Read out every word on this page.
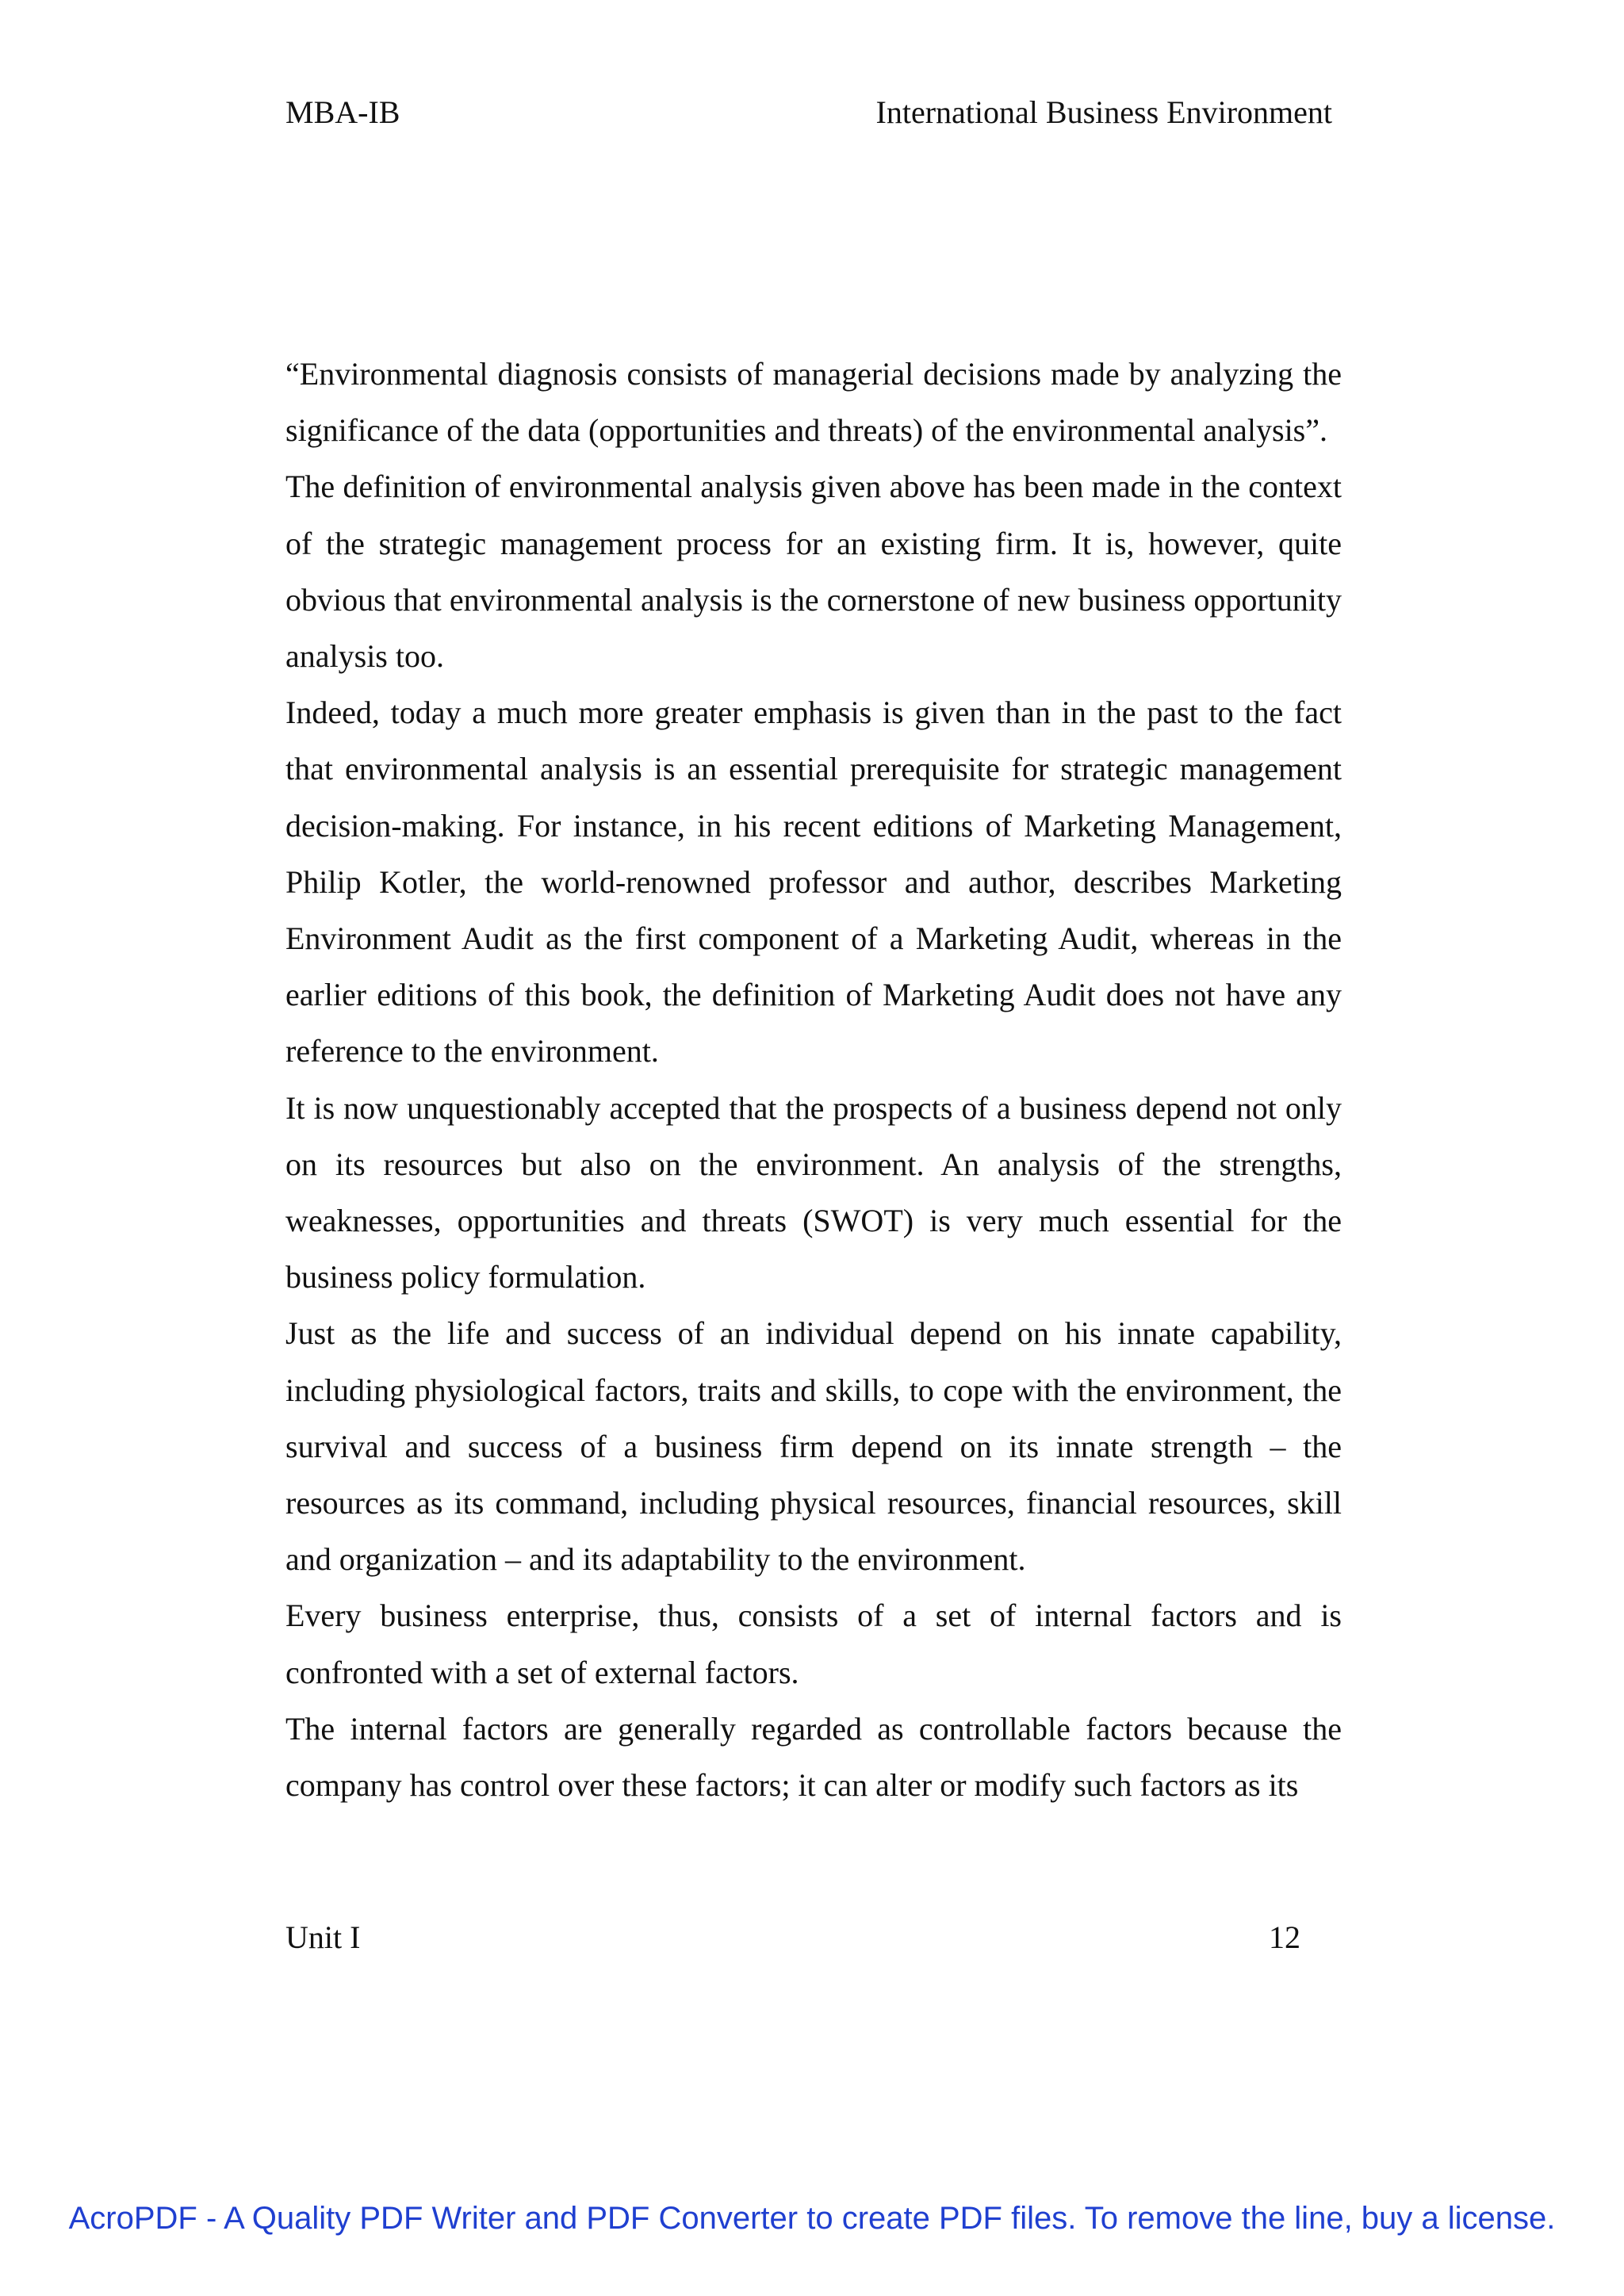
MBA-IB	International Business Environment

“Environmental diagnosis consists of managerial decisions made by analyzing the significance of the data (opportunities and threats) of the environmental analysis”.

The definition of environmental analysis given above has been made in the context of the strategic management process for an existing firm. It is, however, quite obvious that environmental analysis is the cornerstone of new business opportunity analysis too.

Indeed, today a much more greater emphasis is given than in the past to the fact that environmental analysis is an essential prerequisite for strategic management decision-making. For instance, in his recent editions of Marketing Management, Philip Kotler, the world-renowned professor and author, describes Marketing Environment Audit as the first component of a Marketing Audit, whereas in the earlier editions of this book, the definition of Marketing Audit does not have any reference to the environment.

It is now unquestionably accepted that the prospects of a business depend not only on its resources but also on the environment. An analysis of the strengths, weaknesses, opportunities and threats (SWOT) is very much essential for the business policy formulation.

Just as the life and success of an individual depend on his innate capability, including physiological factors, traits and skills, to cope with the environment, the survival and success of a business firm depend on its innate strength – the resources as its command, including physical resources, financial resources, skill and organization – and its adaptability to the environment.

Every business enterprise, thus, consists of a set of internal factors and is confronted with a set of external factors.

The internal factors are generally regarded as controllable factors because the company has control over these factors; it can alter or modify such factors as its

Unit I	12
AcroPDF - A Quality PDF Writer and PDF Converter to create PDF files. To remove the line, buy a license.
